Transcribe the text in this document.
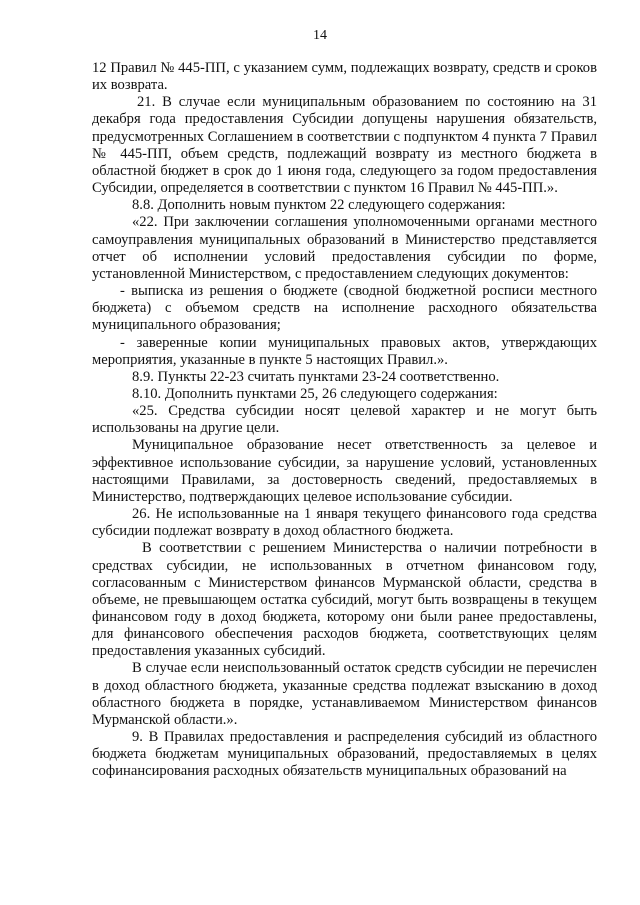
14

12 Правил № 445-ПП, с указанием сумм, подлежащих возврату, средств и сроков их возврата.

21. В случае если муниципальным образованием по состоянию на 31 декабря года предоставления Субсидии допущены нарушения обязательств, предусмотренных Соглашением в соответствии с подпунктом 4 пункта 7 Правил № 445-ПП, объем средств, подлежащий возврату из местного бюджета в областной бюджет в срок до 1 июня года, следующего за годом предоставления Субсидии, определяется в соответствии с пунктом 16 Правил № 445-ПП.».

8.8. Дополнить новым пунктом 22 следующего содержания:

«22. При заключении соглашения уполномоченными органами местного самоуправления муниципальных образований в Министерство представляется отчет об исполнении условий предоставления субсидии по форме, установленной Министерством, с предоставлением следующих документов:

- выписка из решения о бюджете (сводной бюджетной росписи местного бюджета) с объемом средств на исполнение расходного обязательства муниципального образования;

- заверенные копии муниципальных правовых актов, утверждающих мероприятия, указанные в пункте 5 настоящих Правил.».

8.9. Пункты 22-23 считать пунктами 23-24 соответственно.

8.10. Дополнить пунктами 25, 26 следующего содержания:

«25. Средства субсидии носят целевой характер и не могут быть использованы на другие цели.

Муниципальное образование несет ответственность за целевое и эффективное использование субсидии, за нарушение условий, установленных настоящими Правилами, за достоверность сведений, предоставляемых в Министерство, подтверждающих целевое использование субсидии.

26. Не использованные на 1 января текущего финансового года средства субсидии подлежат возврату в доход областного бюджета.

В соответствии с решением Министерства о наличии потребности в средствах субсидии, не использованных в отчетном финансовом году, согласованным с Министерством финансов Мурманской области, средства в объеме, не превышающем остатка субсидий, могут быть возвращены в текущем финансовом году в доход бюджета, которому они были ранее предоставлены, для финансового обеспечения расходов бюджета, соответствующих целям предоставления указанных субсидий.

В случае если неиспользованный остаток средств субсидии не перечислен в доход областного бюджета, указанные средства подлежат взысканию в доход областного бюджета в порядке, устанавливаемом Министерством финансов Мурманской области.».

9. В Правилах предоставления и распределения субсидий из областного бюджета бюджетам муниципальных образований, предоставляемых в целях софинансирования расходных обязательств муниципальных образований на
